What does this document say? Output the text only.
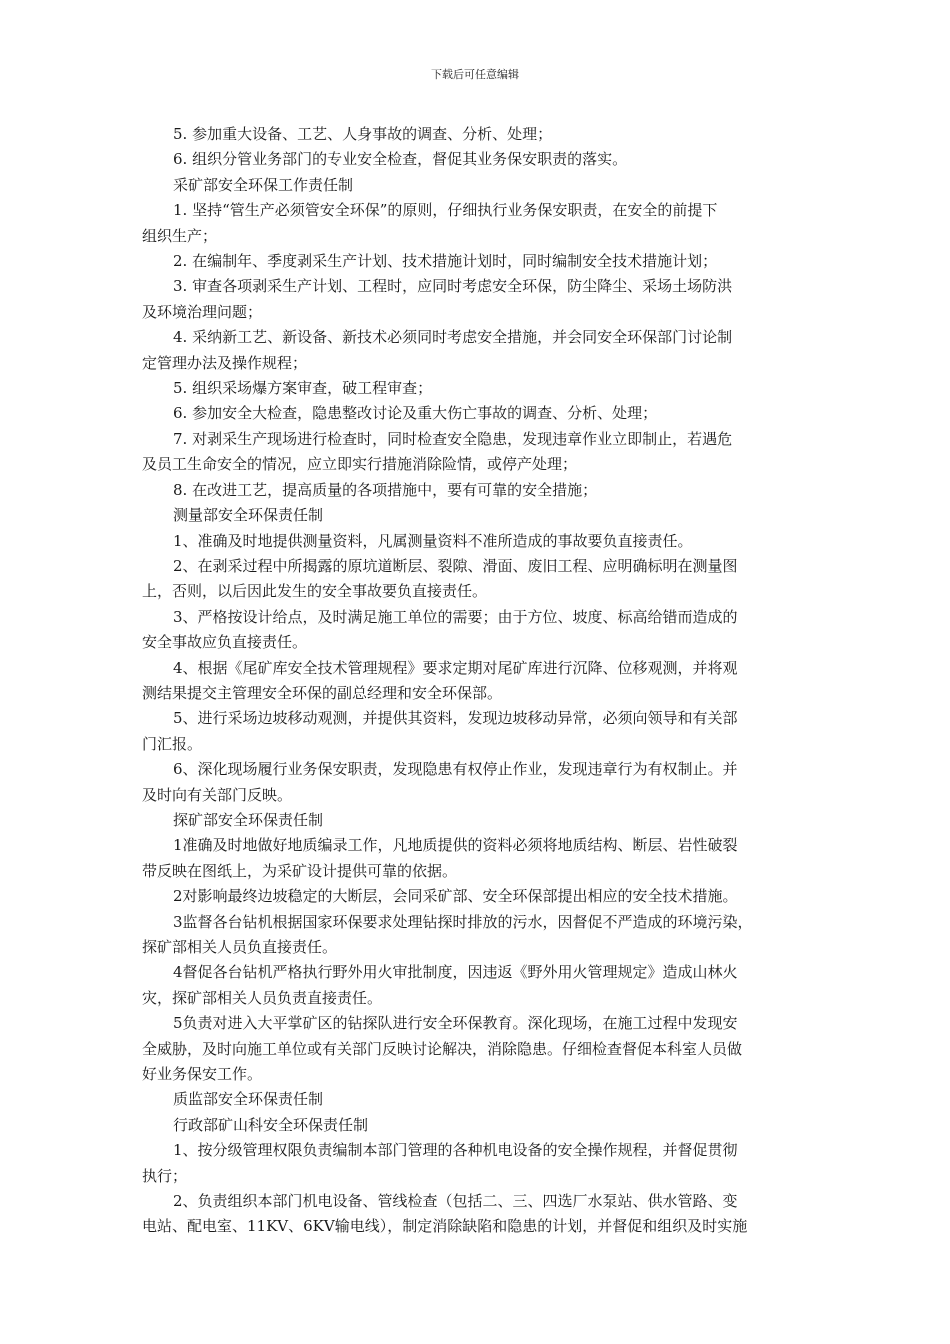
下载后可任意编辑
5. 参加重大设备、工艺、人身事故的调查、分析、处理；
6. 组织分管业务部门的专业安全检查，督促其业务保安职责的落实。
采矿部安全环保工作责任制
1. 坚持“管生产必须管安全环保”的原则，仔细执行业务保安职责，在安全的前提下
组织生产；
2. 在编制年、季度剥采生产计划、技术措施计划时，同时编制安全技术措施计划；
3. 审查各项剥采生产计划、工程时，应同时考虑安全环保，防尘降尘、采场土场防洪
及环境治理问题；
4. 采纳新工艺、新设备、新技术必须同时考虑安全措施，并会同安全环保部门讨论制
定管理办法及操作规程；
5. 组织采场爆方案审查，破工程审查；
6. 参加安全大检查，隐患整改讨论及重大伤亡事故的调查、分析、处理；
7. 对剥采生产现场进行检查时，同时检查安全隐患，发现违章作业立即制止，若遇危
及员工生命安全的情况，应立即实行措施消除险情，或停产处理；
8. 在改进工艺，提高质量的各项措施中，要有可靠的安全措施；
测量部安全环保责任制
1、准确及时地提供测量资料，凡属测量资料不准所造成的事故要负直接责任。
2、在剥采过程中所揭露的原坑道断层、裂隙、滑面、废旧工程、应明确标明在测量图
上，否则，以后因此发生的安全事故要负直接责任。
3、严格按设计给点，及时满足施工单位的需要；由于方位、坡度、标高给错而造成的
安全事故应负直接责任。
4、根据《尾矿库安全技术管理规程》要求定期对尾矿库进行沉降、位移观测，并将观
测结果提交主管理安全环保的副总经理和安全环保部。
5、进行采场边坡移动观测，并提供其资料，发现边坡移动异常，必须向领导和有关部
门汇报。
6、深化现场履行业务保安职责，发现隐患有权停止作业，发现违章行为有权制止。并
及时向有关部门反映。
探矿部安全环保责任制
1准确及时地做好地质编录工作，凡地质提供的资料必须将地质结构、断层、岩性破裂
带反映在图纸上，为采矿设计提供可靠的依据。
2对影响最终边坡稳定的大断层，会同采矿部、安全环保部提出相应的安全技术措施。
3监督各台钻机根据国家环保要求处理钻探时排放的污水，因督促不严造成的环境污染，
探矿部相关人员负直接责任。
4督促各台钻机严格执行野外用火审批制度，因违返《野外用火管理规定》造成山林火
灾，探矿部相关人员负责直接责任。
5负责对进入大平掌矿区的钻探队进行安全环保教育。深化现场，在施工过程中发现安
全威胁，及时向施工单位或有关部门反映讨论解决，消除隐患。仔细检查督促本科室人员做
好业务保安工作。
质监部安全环保责任制
行政部矿山科安全环保责任制
1、按分级管理权限负责编制本部门管理的各种机电设备的安全操作规程，并督促贯彻
执行；
2、负责组织本部门机电设备、管线检查（包括二、三、四选厂水泵站、供水管路、变
电站、配电室、11KV、6KV输电线），制定消除缺陷和隐患的计划，并督促和组织及时实施
